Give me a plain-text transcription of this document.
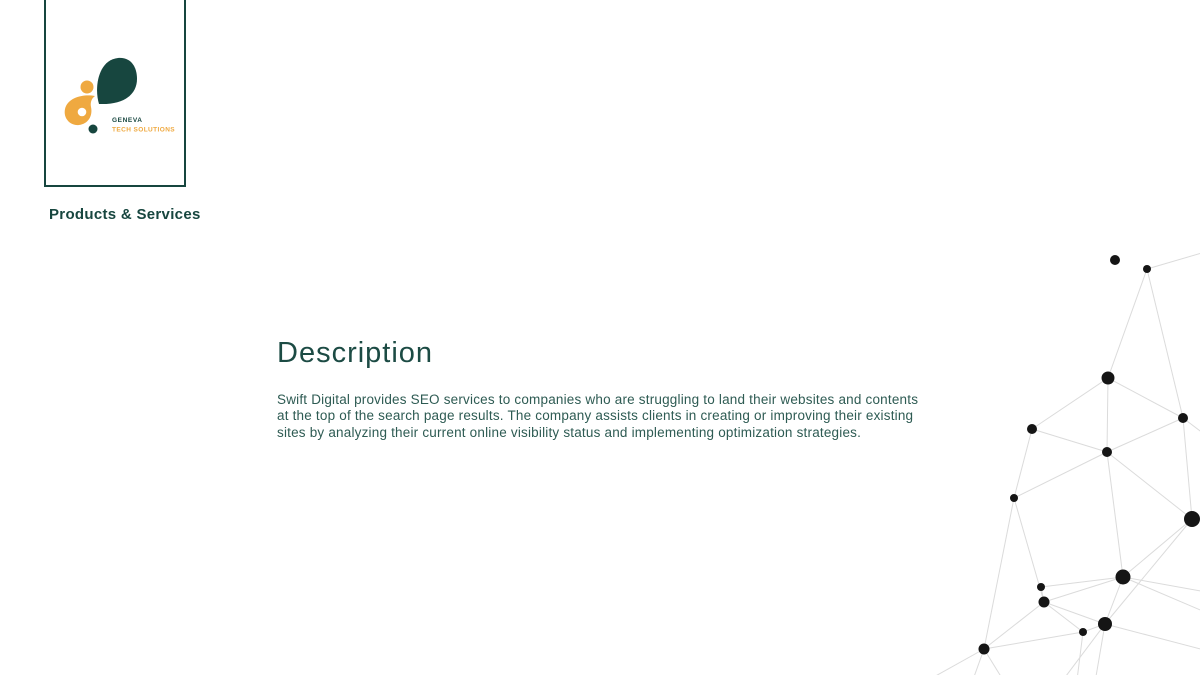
GENEVA
TECH SOLUTIONS
Products & Services
Description

Swift Digital provides SEO services to companies who are struggling to land their websites and contents at the top of the search page results. The company assists clients in creating or improving their existing sites by analyzing their current online visibility status and implementing optimization strategies.
